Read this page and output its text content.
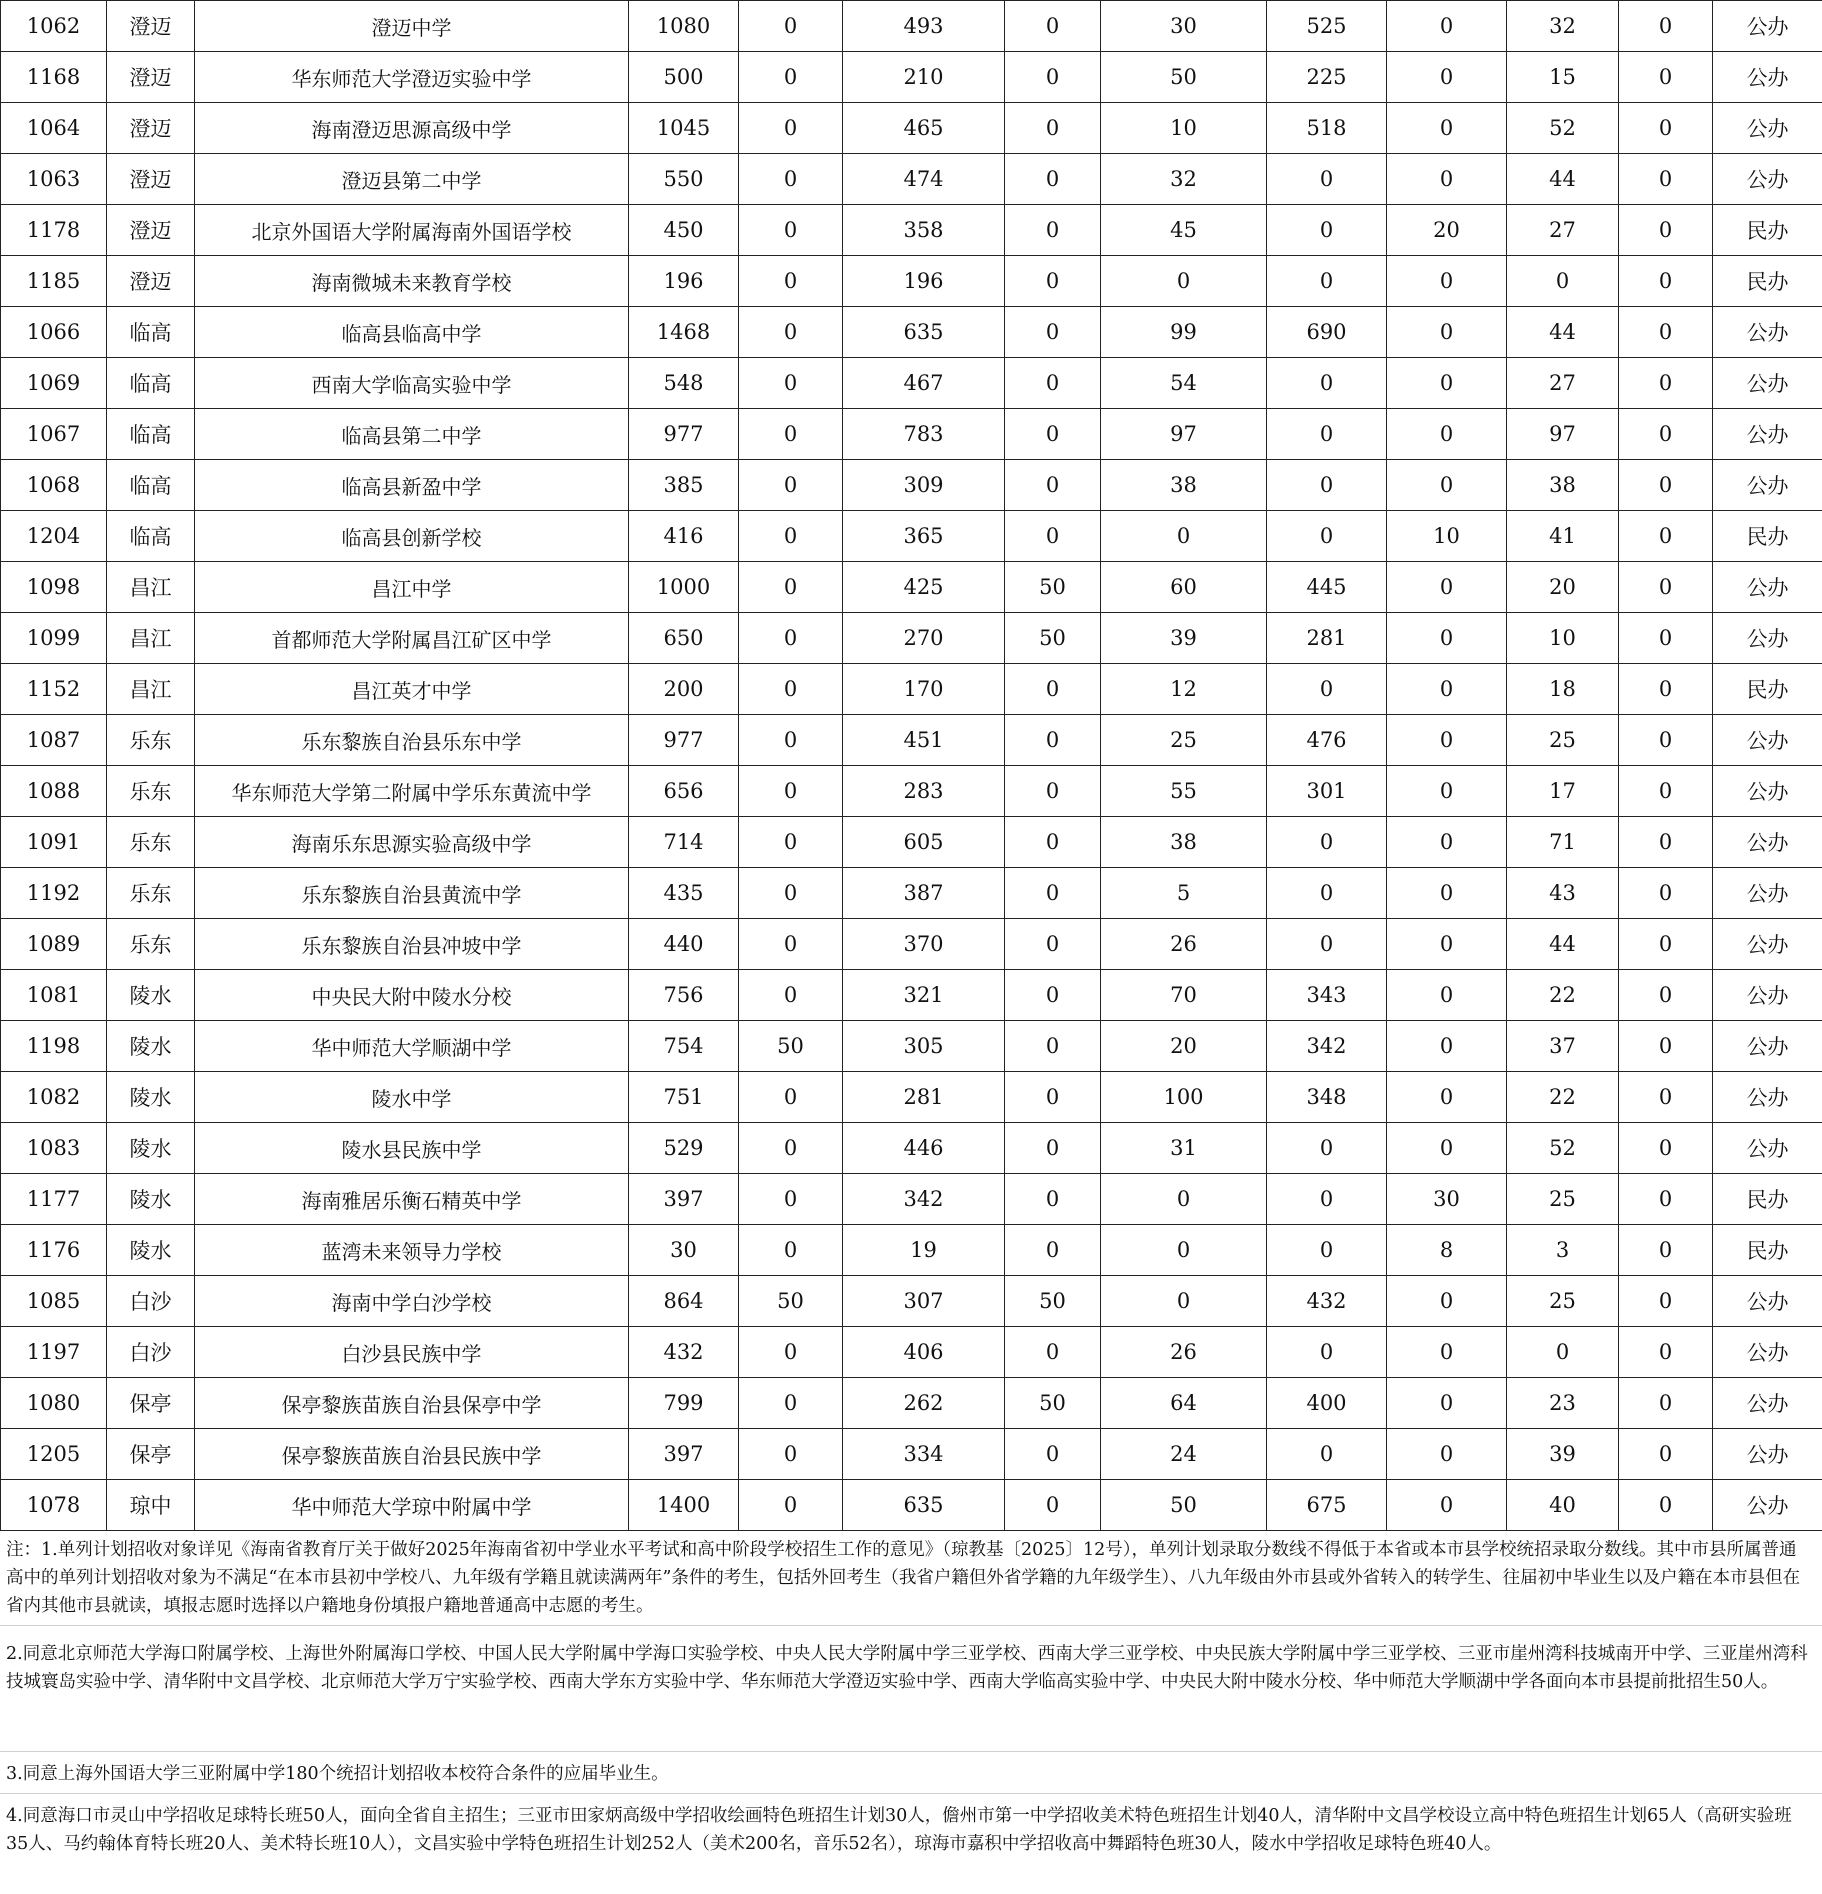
1062	澄迈	澄迈中学	1080	0	493	0	30	525	0	32	0	公办
1168	澄迈	华东师范大学澄迈实验中学	500	0	210	0	50	225	0	15	0	公办
1064	澄迈	海南澄迈思源高级中学	1045	0	465	0	10	518	0	52	0	公办
1063	澄迈	澄迈县第二中学	550	0	474	0	32	0	0	44	0	公办
1178	澄迈	北京外国语大学附属海南外国语学校	450	0	358	0	45	0	20	27	0	民办
1185	澄迈	海南微城未来教育学校	196	0	196	0	0	0	0	0	0	民办
1066	临高	临高县临高中学	1468	0	635	0	99	690	0	44	0	公办
1069	临高	西南大学临高实验中学	548	0	467	0	54	0	0	27	0	公办
1067	临高	临高县第二中学	977	0	783	0	97	0	0	97	0	公办
1068	临高	临高县新盈中学	385	0	309	0	38	0	0	38	0	公办
1204	临高	临高县创新学校	416	0	365	0	0	0	10	41	0	民办
1098	昌江	昌江中学	1000	0	425	50	60	445	0	20	0	公办
1099	昌江	首都师范大学附属昌江矿区中学	650	0	270	50	39	281	0	10	0	公办
1152	昌江	昌江英才中学	200	0	170	0	12	0	0	18	0	民办
1087	乐东	乐东黎族自治县乐东中学	977	0	451	0	25	476	0	25	0	公办
1088	乐东	华东师范大学第二附属中学乐东黄流中学	656	0	283	0	55	301	0	17	0	公办
1091	乐东	海南乐东思源实验高级中学	714	0	605	0	38	0	0	71	0	公办
1192	乐东	乐东黎族自治县黄流中学	435	0	387	0	5	0	0	43	0	公办
1089	乐东	乐东黎族自治县冲坡中学	440	0	370	0	26	0	0	44	0	公办
1081	陵水	中央民大附中陵水分校	756	0	321	0	70	343	0	22	0	公办
1198	陵水	华中师范大学顺湖中学	754	50	305	0	20	342	0	37	0	公办
1082	陵水	陵水中学	751	0	281	0	100	348	0	22	0	公办
1083	陵水	陵水县民族中学	529	0	446	0	31	0	0	52	0	公办
1177	陵水	海南雅居乐衡石精英中学	397	0	342	0	0	0	30	25	0	民办
1176	陵水	蓝湾未来领导力学校	30	0	19	0	0	0	8	3	0	民办
1085	白沙	海南中学白沙学校	864	50	307	50	0	432	0	25	0	公办
1197	白沙	白沙县民族中学	432	0	406	0	26	0	0	0	0	公办
1080	保亭	保亭黎族苗族自治县保亭中学	799	0	262	50	64	400	0	23	0	公办
1205	保亭	保亭黎族苗族自治县民族中学	397	0	334	0	24	0	0	39	0	公办
1078	琼中	华中师范大学琼中附属中学	1400	0	635	0	50	675	0	40	0	公办
注：1.单列计划招收对象详见《海南省教育厅关于做好2025年海南省初中学业水平考试和高中阶段学校招生工作的意见》（琼教基〔2025〕12号），单列计划录取分数线不得低于本省或本市县学校统招录取分数线。其中市县所属普通高中的单列计划招收对象为不满足“在本市县初中学校八、九年级有学籍且就读满两年”条件的考生，包括外回考生（我省户籍但外省学籍的九年级学生）、八九年级由外市县或外省转入的转学生、往届初中毕业生以及户籍在本市县但在省内其他市县就读，填报志愿时选择以户籍地身份填报户籍地普通高中志愿的考生。
2.同意北京师范大学海口附属学校、上海世外附属海口学校、中国人民大学附属中学海口实验学校、中央人民大学附属中学三亚学校、西南大学三亚学校、中央民族大学附属中学三亚学校、三亚市崖州湾科技城南开中学、三亚崖州湾科技城寰岛实验中学、清华附中文昌学校、北京师范大学万宁实验学校、西南大学东方实验中学、华东师范大学澄迈实验中学、西南大学临高实验中学、中央民大附中陵水分校、华中师范大学顺湖中学各面向本市县提前批招生50人。
3.同意上海外国语大学三亚附属中学180个统招计划招收本校符合条件的应届毕业生。
4.同意海口市灵山中学招收足球特长班50人，面向全省自主招生；三亚市田家炳高级中学招收绘画特色班招生计划30人，儋州市第一中学招收美术特色班招生计划40人，清华附中文昌学校设立高中特色班招生计划65人（高研实验班35人、马约翰体育特长班20人、美术特长班10人），文昌实验中学特色班招生计划252人（美术200名，音乐52名），琼海市嘉积中学招收高中舞蹈特色班30人，陵水中学招收足球特色班40人。
